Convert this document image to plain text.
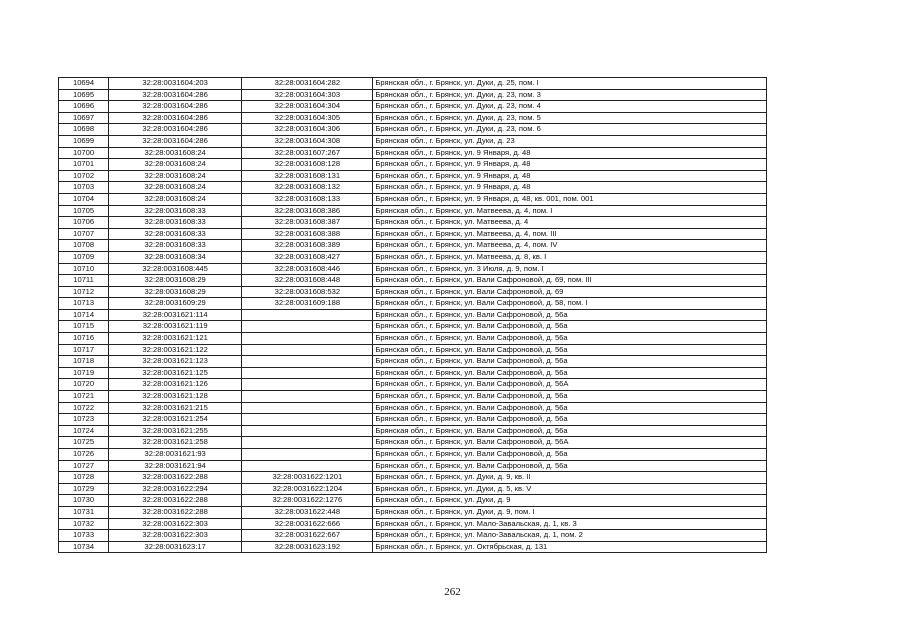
10694	32:28:0031604:203	32:28:0031604:282	Брянская обл., г. Брянск, ул. Дуки, д. 25, пом. I
10695	32:28:0031604:286	32:28:0031604:303	Брянская обл., г. Брянск, ул. Дуки, д. 23, пом. 3
10696	32:28:0031604:286	32:28:0031604:304	Брянская обл., г. Брянск, ул. Дуки, д. 23, пом. 4
10697	32:28:0031604:286	32:28:0031604:305	Брянская обл., г. Брянск, ул. Дуки, д. 23, пом. 5
10698	32:28:0031604:286	32:28:0031604:306	Брянская обл., г. Брянск, ул. Дуки, д. 23, пом. 6
10699	32:28:0031604:286	32:28:0031604:308	Брянская обл., г. Брянск, ул. Дуки, д. 23
10700	32:28:0031608:24	32:28:0031607:267	Брянская обл., г. Брянск, ул. 9 Января, д. 48
10701	32:28:0031608:24	32:28:0031608:128	Брянская обл., г. Брянск, ул. 9 Января, д. 48
10702	32:28:0031608:24	32:28:0031608:131	Брянская обл., г. Брянск, ул. 9 Января, д. 48
10703	32:28:0031608:24	32:28:0031608:132	Брянская обл., г. Брянск, ул. 9 Января, д. 48
10704	32:28:0031608:24	32:28:0031608:133	Брянская обл., г. Брянск, ул. 9 Января, д. 48, кв. 001, пом. 001
10705	32:28:0031608:33	32:28:0031608:386	Брянская обл., г. Брянск, ул. Матвеева, д. 4, пом. I
10706	32:28:0031608:33	32:28:0031608:387	Брянская обл., г. Брянск, ул. Матвеева, д. 4
10707	32:28:0031608:33	32:28:0031608:388	Брянская обл., г. Брянск, ул. Матвеева, д. 4, пом. III
10708	32:28:0031608:33	32:28:0031608:389	Брянская обл., г. Брянск, ул. Матвеева, д. 4, пом. IV
10709	32:28:0031608:34	32:28:0031608:427	Брянская обл., г. Брянск, ул. Матвеева, д. 8, кв. I
10710	32:28:0031608:445	32:28:0031608:446	Брянская обл., г. Брянск, ул. 3 Июля, д. 9, пом. I
10711	32:28:0031608:29	32:28:0031608:448	Брянская обл., г. Брянск, ул. Вали Сафроновой, д. 69, пом. III
10712	32:28:0031608:29	32:28:0031608:532	Брянская обл., г. Брянск, ул. Вали Сафроновой, д. 69
10713	32:28:0031609:29	32:28:0031609:188	Брянская обл., г. Брянск, ул. Вали Сафроновой, д. 58, пом. I
10714	32:28:0031621:114		Брянская обл., г. Брянск, ул. Вали Сафроновой, д. 56а
10715	32:28:0031621:119		Брянская обл., г. Брянск, ул. Вали Сафроновой, д. 56а
10716	32:28:0031621:121		Брянская обл., г. Брянск, ул. Вали Сафроновой, д. 56а
10717	32:28:0031621:122		Брянская обл., г. Брянск, ул. Вали Сафроновой, д. 56а
10718	32:28:0031621:123		Брянская обл., г. Брянск, ул. Вали Сафроновой, д. 56а
10719	32:28:0031621:125		Брянская обл., г. Брянск, ул. Вали Сафроновой, д. 56а
10720	32:28:0031621:126		Брянская обл., г. Брянск, ул. Вали Сафроновой, д. 56А
10721	32:28:0031621:128		Брянская обл., г. Брянск, ул. Вали Сафроновой, д. 56а
10722	32:28:0031621:215		Брянская обл., г. Брянск, ул. Вали Сафроновой, д. 56а
10723	32:28:0031621:254		Брянская обл., г. Брянск, ул. Вали Сафроновой, д. 56а
10724	32:28:0031621:255		Брянская обл., г. Брянск, ул. Вали Сафроновой, д. 56а
10725	32:28:0031621:258		Брянская обл., г. Брянск, ул. Вали Сафроновой, д. 56А
10726	32:28:0031621:93		Брянская обл., г. Брянск, ул. Вали Сафроновой, д. 56а
10727	32:28:0031621:94		Брянская обл., г. Брянск, ул. Вали Сафроновой, д. 56а
10728	32:28:0031622:288	32:28:0031622:1201	Брянская обл., г. Брянск, ул. Дуки, д. 9, кв. II
10729	32:28:0031622:294	32:28:0031622:1204	Брянская обл., г. Брянск, ул. Дуки, д. 5, кв. V
10730	32:28:0031622:288	32:28:0031622:1276	Брянская обл., г. Брянск, ул. Дуки, д. 9
10731	32:28:0031622:288	32:28:0031622:448	Брянская обл., г. Брянск, ул. Дуки, д. 9, пом. I
10732	32:28:0031622:303	32:28:0031622:666	Брянская обл., г. Брянск, ул. Мало-Завальская, д. 1, кв. 3
10733	32:28:0031622:303	32:28:0031622:667	Брянская обл., г. Брянск, ул. Мало-Завальская, д. 1, пом. 2
10734	32:28:0031623:17	32:28:0031623:192	Брянская обл., г. Брянск, ул. Октябрьская, д. 131
262
